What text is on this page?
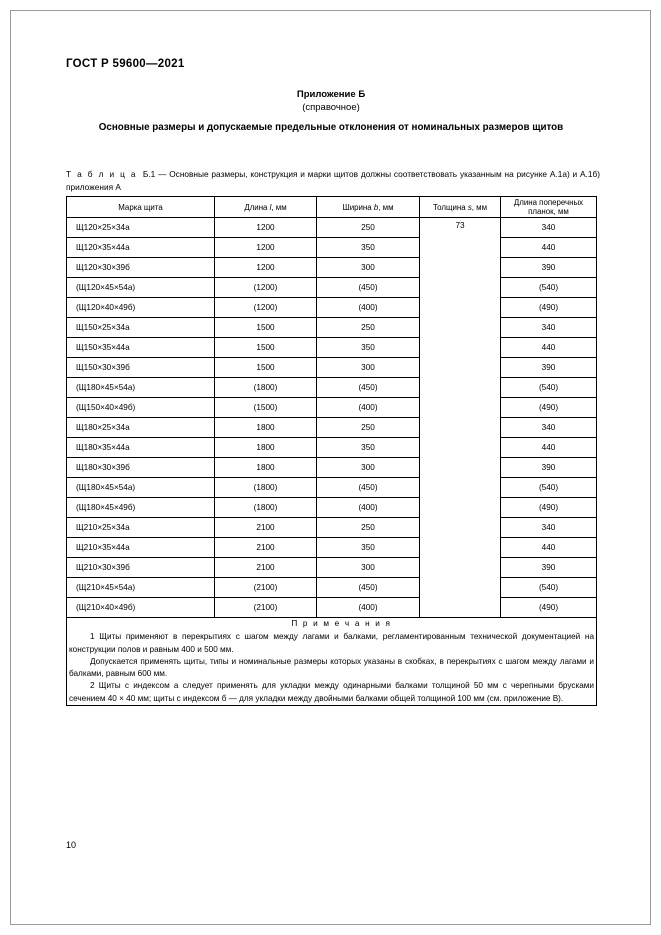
ГОСТ Р 59600—2021
Приложение Б
(справочное)
Основные размеры и допускаемые предельные отклонения от номинальных размеров щитов
Т а б л и ц а Б.1 — Основные размеры, конструкция и марки щитов должны соответствовать указанным на рисунке А.1а) и А.1б) приложения А
Марка щита	Длина l, мм	Ширина b, мм	Толщина s, мм	Длина поперечных планок, мм
Щ120×25×34а	1200	250	73	340
Щ120×35×44а	1200	350		440
Щ120×30×39б	1200	300		390
(Щ120×45×54а)	(1200)	(450)		(540)
(Щ120×40×49б)	(1200)	(400)		(490)
Щ150×25×34а	1500	250		340
Щ150×35×44а	1500	350		440
Щ150×30×39б	1500	300		390
(Щ180×45×54а)	(1800)	(450)		(540)
(Щ150×40×49б)	(1500)	(400)		(490)
Щ180×25×34а	1800	250		340
Щ180×35×44а	1800	350		440
Щ180×30×39б	1800	300		390
(Щ180×45×54а)	(1800)	(450)		(540)
(Щ180×45×49б)	(1800)	(400)		(490)
Щ210×25×34а	2100	250		340
Щ210×35×44а	2100	350		440
Щ210×30×39б	2100	300		390
(Щ210×45×54а)	(2100)	(450)		(540)
(Щ210×40×49б)	(2100)	(400)		(490)

П р и м е ч а н и я

1 Щиты применяют в перекрытиях с шагом между лагами и балками, регламентированным технической документацией на конструкции полов и равным 400 и 500 мм.

Допускается применять щиты, типы и номинальные размеры которых указаны в скобках, в перекрытиях с шагом между лагами и балками, равным 600 мм.

2 Щиты с индексом а следует применять для укладки между одинарными балками толщиной 50 мм с черепными брусками сечением 40 × 40 мм; щиты с индексом б — для укладки между двойными балками общей толщиной 100 мм (см. приложение В).				

10
